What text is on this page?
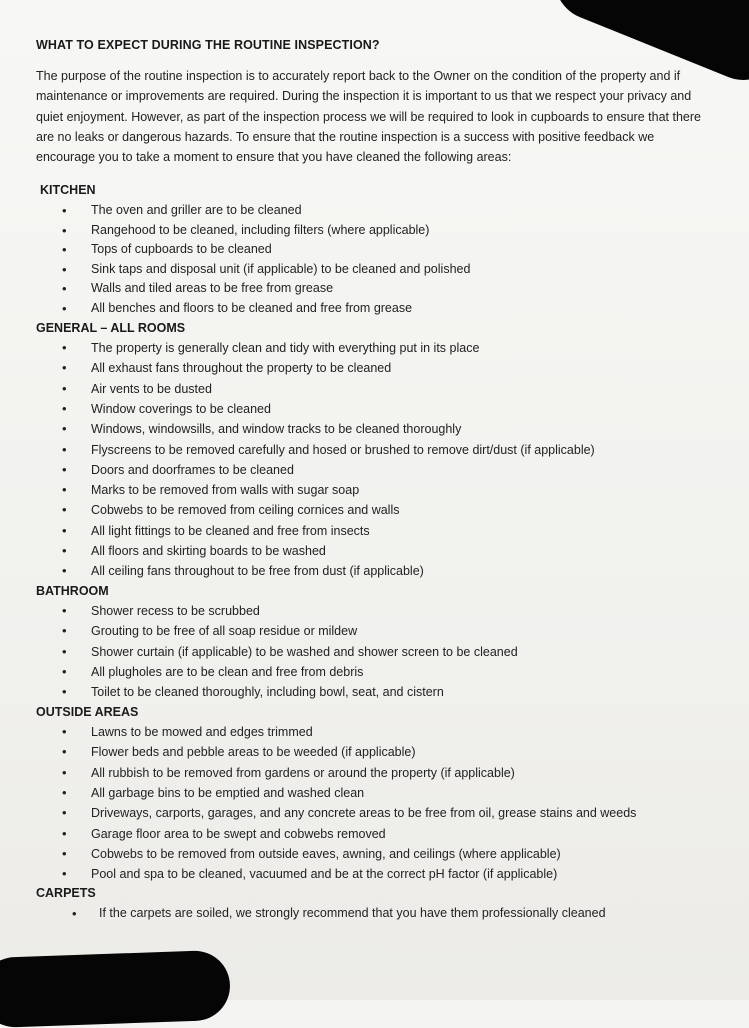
WHAT TO EXPECT DURING THE ROUTINE INSPECTION?

The purpose of the routine inspection is to accurately report back to the Owner on the condition of the property and if maintenance or improvements are required. During the inspection it is important to us that we respect your privacy and quiet enjoyment. However, as part of the inspection process we will be required to look in cupboards to ensure that there are no leaks or dangerous hazards. To ensure that the routine inspection is a success with positive feedback we encourage you to take a moment to ensure that you have cleaned the following areas:

KITCHEN
• The oven and griller are to be cleaned
• Rangehood to be cleaned, including filters (where applicable)
• Tops of cupboards to be cleaned
• Sink taps and disposal unit (if applicable) to be cleaned and polished
• Walls and tiled areas to be free from grease
• All benches and floors to be cleaned and free from grease
GENERAL – ALL ROOMS
• The property is generally clean and tidy with everything put in its place
• All exhaust fans throughout the property to be cleaned
• Air vents to be dusted
• Window coverings to be cleaned
• Windows, windowsills, and window tracks to be cleaned thoroughly
• Flyscreens to be removed carefully and hosed or brushed to remove dirt/dust (if applicable)
• Doors and doorframes to be cleaned
• Marks to be removed from walls with sugar soap
• Cobwebs to be removed from ceiling cornices and walls
• All light fittings to be cleaned and free from insects
• All floors and skirting boards to be washed
• All ceiling fans throughout to be free from dust (if applicable)
BATHROOM
• Shower recess to be scrubbed
• Grouting to be free of all soap residue or mildew
• Shower curtain (if applicable) to be washed and shower screen to be cleaned
• All plugholes are to be clean and free from debris
• Toilet to be cleaned thoroughly, including bowl, seat, and cistern
OUTSIDE AREAS
• Lawns to be mowed and edges trimmed
• Flower beds and pebble areas to be weeded (if applicable)
• All rubbish to be removed from gardens or around the property (if applicable)
• All garbage bins to be emptied and washed clean
• Driveways, carports, garages, and any concrete areas to be free from oil, grease stains and weeds
• Garage floor area to be swept and cobwebs removed
• Cobwebs to be removed from outside eaves, awning, and ceilings (where applicable)
• Pool and spa to be cleaned, vacuumed and be at the correct pH factor (if applicable)
CARPETS
• If the carpets are soiled, we strongly recommend that you have them professionally cleaned
